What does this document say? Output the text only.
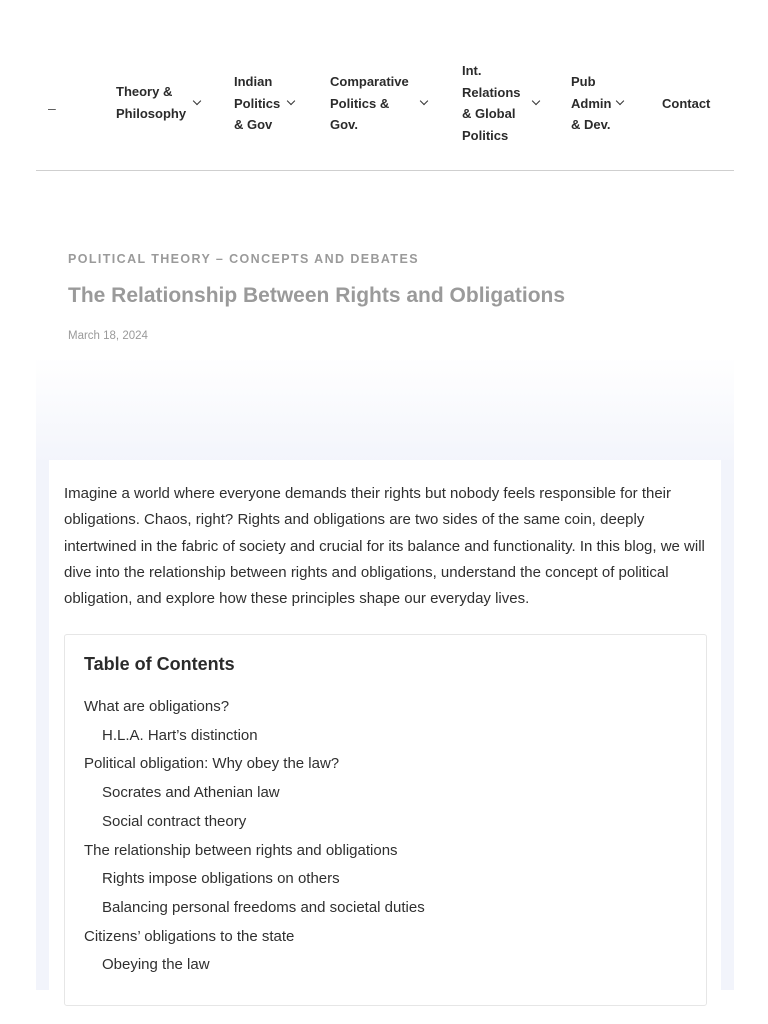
–
Theory &
Philosophy
Indian
Politics
& Gov
Comparative
Politics &
Gov.
Int.
Relations
& Global
Politics
Pub
Admin
& Dev.
Contact
POLITICAL THEORY – CONCEPTS AND DEBATES
The Relationship Between Rights and Obligations
March 18, 2024

Imagine a world where everyone demands their rights but nobody feels responsible for their obligations. Chaos, right? Rights and obligations are two sides of the same coin, deeply intertwined in the fabric of society and crucial for its balance and functionality. In this blog, we will dive into the relationship between rights and obligations, understand the concept of political obligation, and explore how these principles shape our everyday lives.

Table of Contents
What are obligations?
H.L.A. Hart’s distinction
Political obligation: Why obey the law?
Socrates and Athenian law
Social contract theory
The relationship between rights and obligations
Rights impose obligations on others
Balancing personal freedoms and societal duties
Citizens’ obligations to the state
Obeying the law
